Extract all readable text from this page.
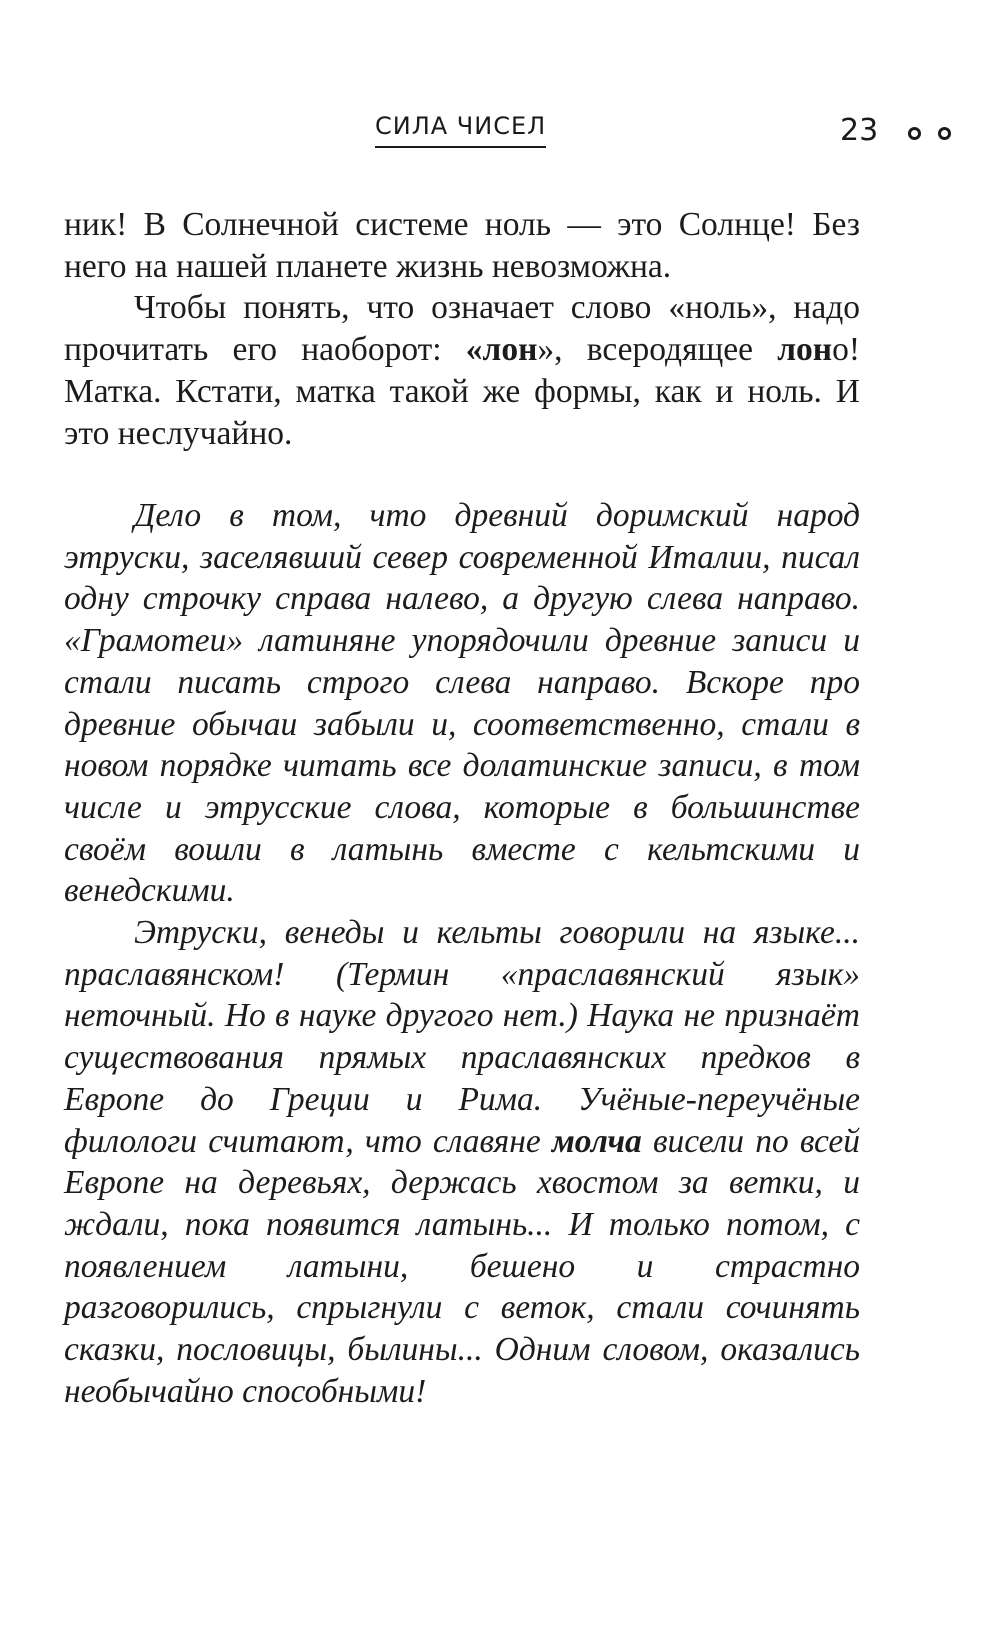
СИЛА ЧИСЕЛ	23

ник! В Солнечной системе ноль — это Солнце! Без него на нашей планете жизнь невозможна.

Чтобы понять, что означает слово «ноль», надо прочитать его наоборот: «лон», всеродящее лоно! Матка. Кстати, матка такой же формы, как и ноль. И это неслучайно.

Дело в том, что древний доримский народ этруски, заселявший север современной Италии, писал одну строчку справа налево, а другую слева направо. «Грамотеи» латиняне упорядочили древние записи и стали писать строго слева направо. Вскоре про древние обычаи забыли и, соответственно, стали в новом порядке читать все долатинские записи, в том числе и этрусские слова, которые в большинстве своём вошли в латынь вместе с кельтскими и венедскими.

Этруски, венеды и кельты говорили на языке... праславянском! (Термин «праславянский язык» неточный. Но в науке другого нет.) Наука не признаёт существования прямых праславянских предков в Европе до Греции и Рима. Учёные-переучёные филологи считают, что славяне молча висели по всей Европе на деревьях, держась хвостом за ветки, и ждали, пока появится латынь... И только потом, с появлением латыни, бешено и страстно разговорились, спрыгнули с веток, стали сочинять сказки, пословицы, былины... Одним словом, оказались необычайно способными!
